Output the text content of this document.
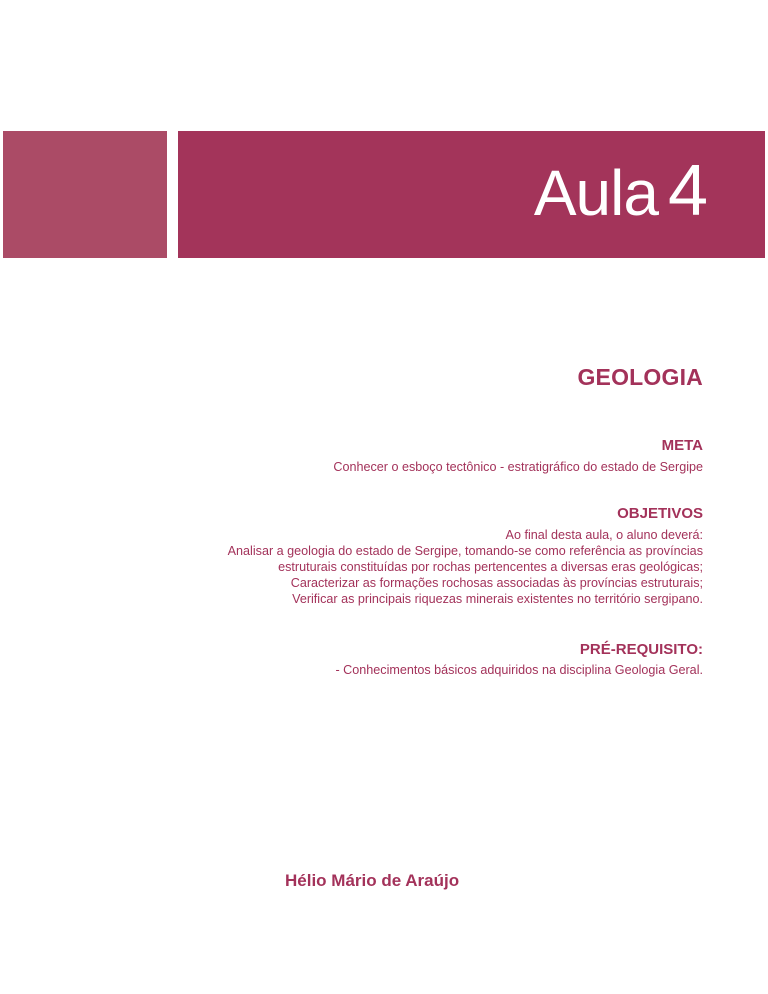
Aula 4
GEOLOGIA
META
Conhecer o esboço tectônico - estratigráfico do estado de Sergipe
OBJETIVOS
Ao final desta aula, o aluno deverá:
Analisar a geologia do estado de Sergipe, tomando-se como referência as províncias
estruturais constituídas por rochas pertencentes a diversas eras geológicas;
Caracterizar as formações rochosas associadas às províncias estruturais;
Verificar as principais riquezas minerais existentes no território sergipano.
PRÉ-REQUISITO:
- Conhecimentos básicos adquiridos na disciplina Geologia Geral.
Hélio Mário de Araújo
